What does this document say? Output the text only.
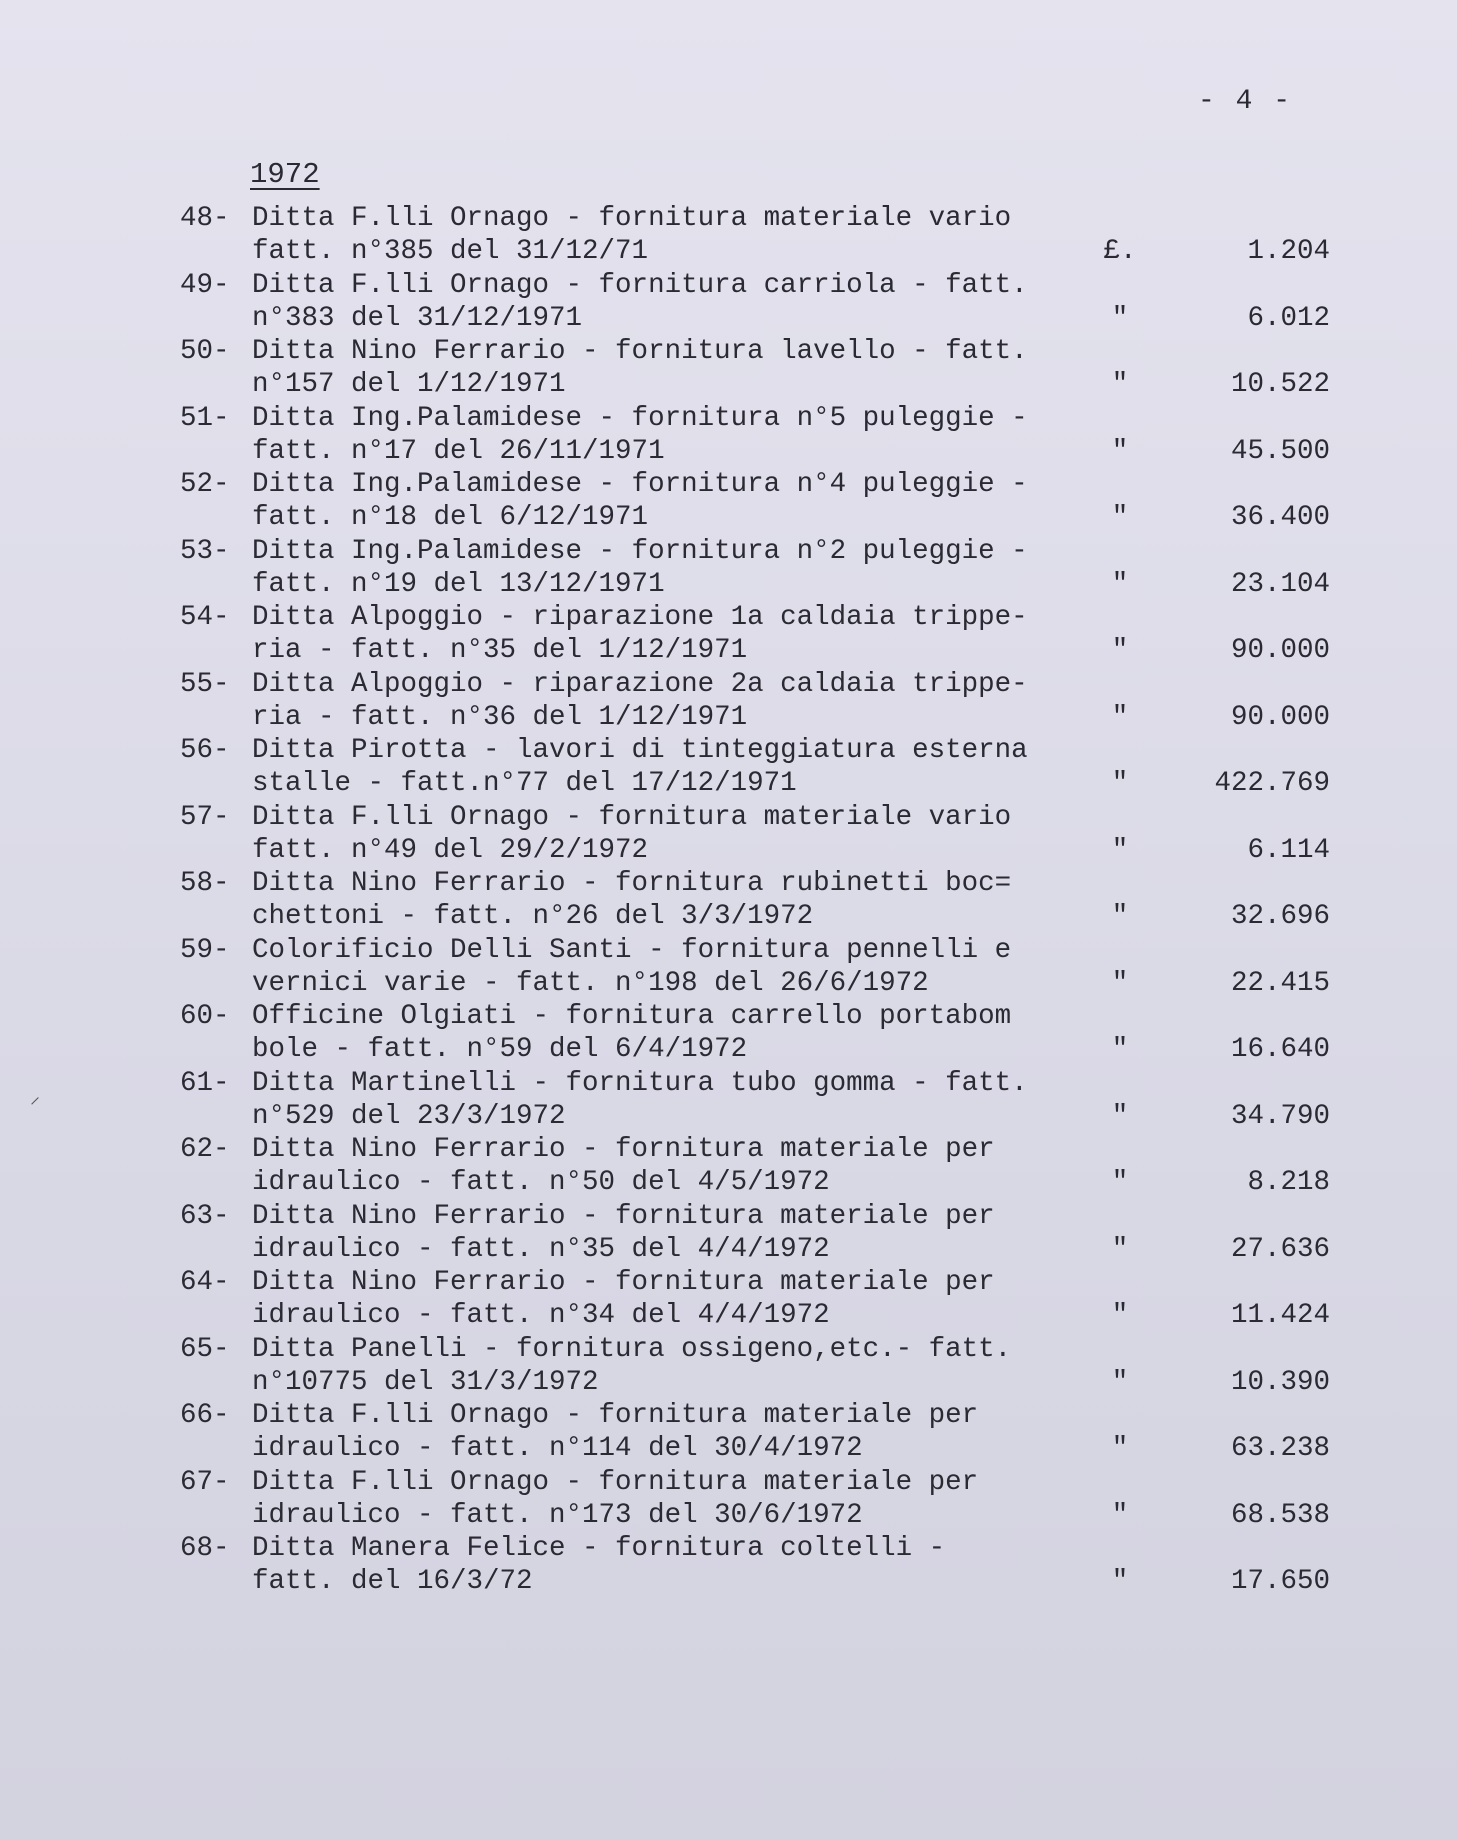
- 4 -
1972
48- Ditta F.lli Ornago - fornitura materiale vario
fatt. n°385 del 31/12/71	£.	1.204
49- Ditta F.lli Ornago - fornitura carriola - fatt.
n°383 del 31/12/1971	"	6.012
50- Ditta Nino Ferrario - fornitura lavello - fatt.
n°157 del 1/12/1971	"	10.522
51- Ditta Ing.Palamidese - fornitura n°5 puleggie -
fatt. n°17 del 26/11/1971	"	45.500
52- Ditta Ing.Palamidese - fornitura n°4 puleggie -
fatt. n°18 del 6/12/1971	"	36.400
53- Ditta Ing.Palamidese - fornitura n°2 puleggie -
fatt. n°19 del 13/12/1971	"	23.104
54- Ditta Alpoggio - riparazione 1a caldaia trippe-
ria - fatt. n°35 del 1/12/1971	"	90.000
55- Ditta Alpoggio - riparazione 2a caldaia trippe-
ria - fatt. n°36 del 1/12/1971	"	90.000
56- Ditta Pirotta - lavori di tinteggiatura esterna
stalle - fatt.n°77 del 17/12/1971	"	422.769
57- Ditta F.lli Ornago - fornitura materiale vario
fatt. n°49 del 29/2/1972	"	6.114
58- Ditta Nino Ferrario - fornitura rubinetti boc=
chettoni - fatt. n°26 del 3/3/1972	"	32.696
59- Colorificio Delli Santi - fornitura pennelli e
vernici varie - fatt. n°198 del 26/6/1972	"	22.415
60- Officine Olgiati - fornitura carrello portabom
bole - fatt. n°59 del 6/4/1972	"	16.640
61- Ditta Martinelli - fornitura tubo gomma - fatt.
n°529 del 23/3/1972	"	34.790
62- Ditta Nino Ferrario - fornitura materiale per
idraulico - fatt. n°50 del 4/5/1972	"	8.218
63- Ditta Nino Ferrario - fornitura materiale per
idraulico - fatt. n°35 del 4/4/1972	"	27.636
64- Ditta Nino Ferrario - fornitura materiale per
idraulico - fatt. n°34 del 4/4/1972	"	11.424
65- Ditta Panelli - fornitura ossigeno,etc.- fatt.
n°10775 del 31/3/1972	"	10.390
66- Ditta F.lli Ornago - fornitura materiale per
idraulico - fatt. n°114 del 30/4/1972	"	63.238
67- Ditta F.lli Ornago - fornitura materiale per
idraulico - fatt. n°173 del 30/6/1972	"	68.538
68- Ditta Manera Felice - fornitura coltelli -
fatt. del 16/3/72	"	17.650
⸝
